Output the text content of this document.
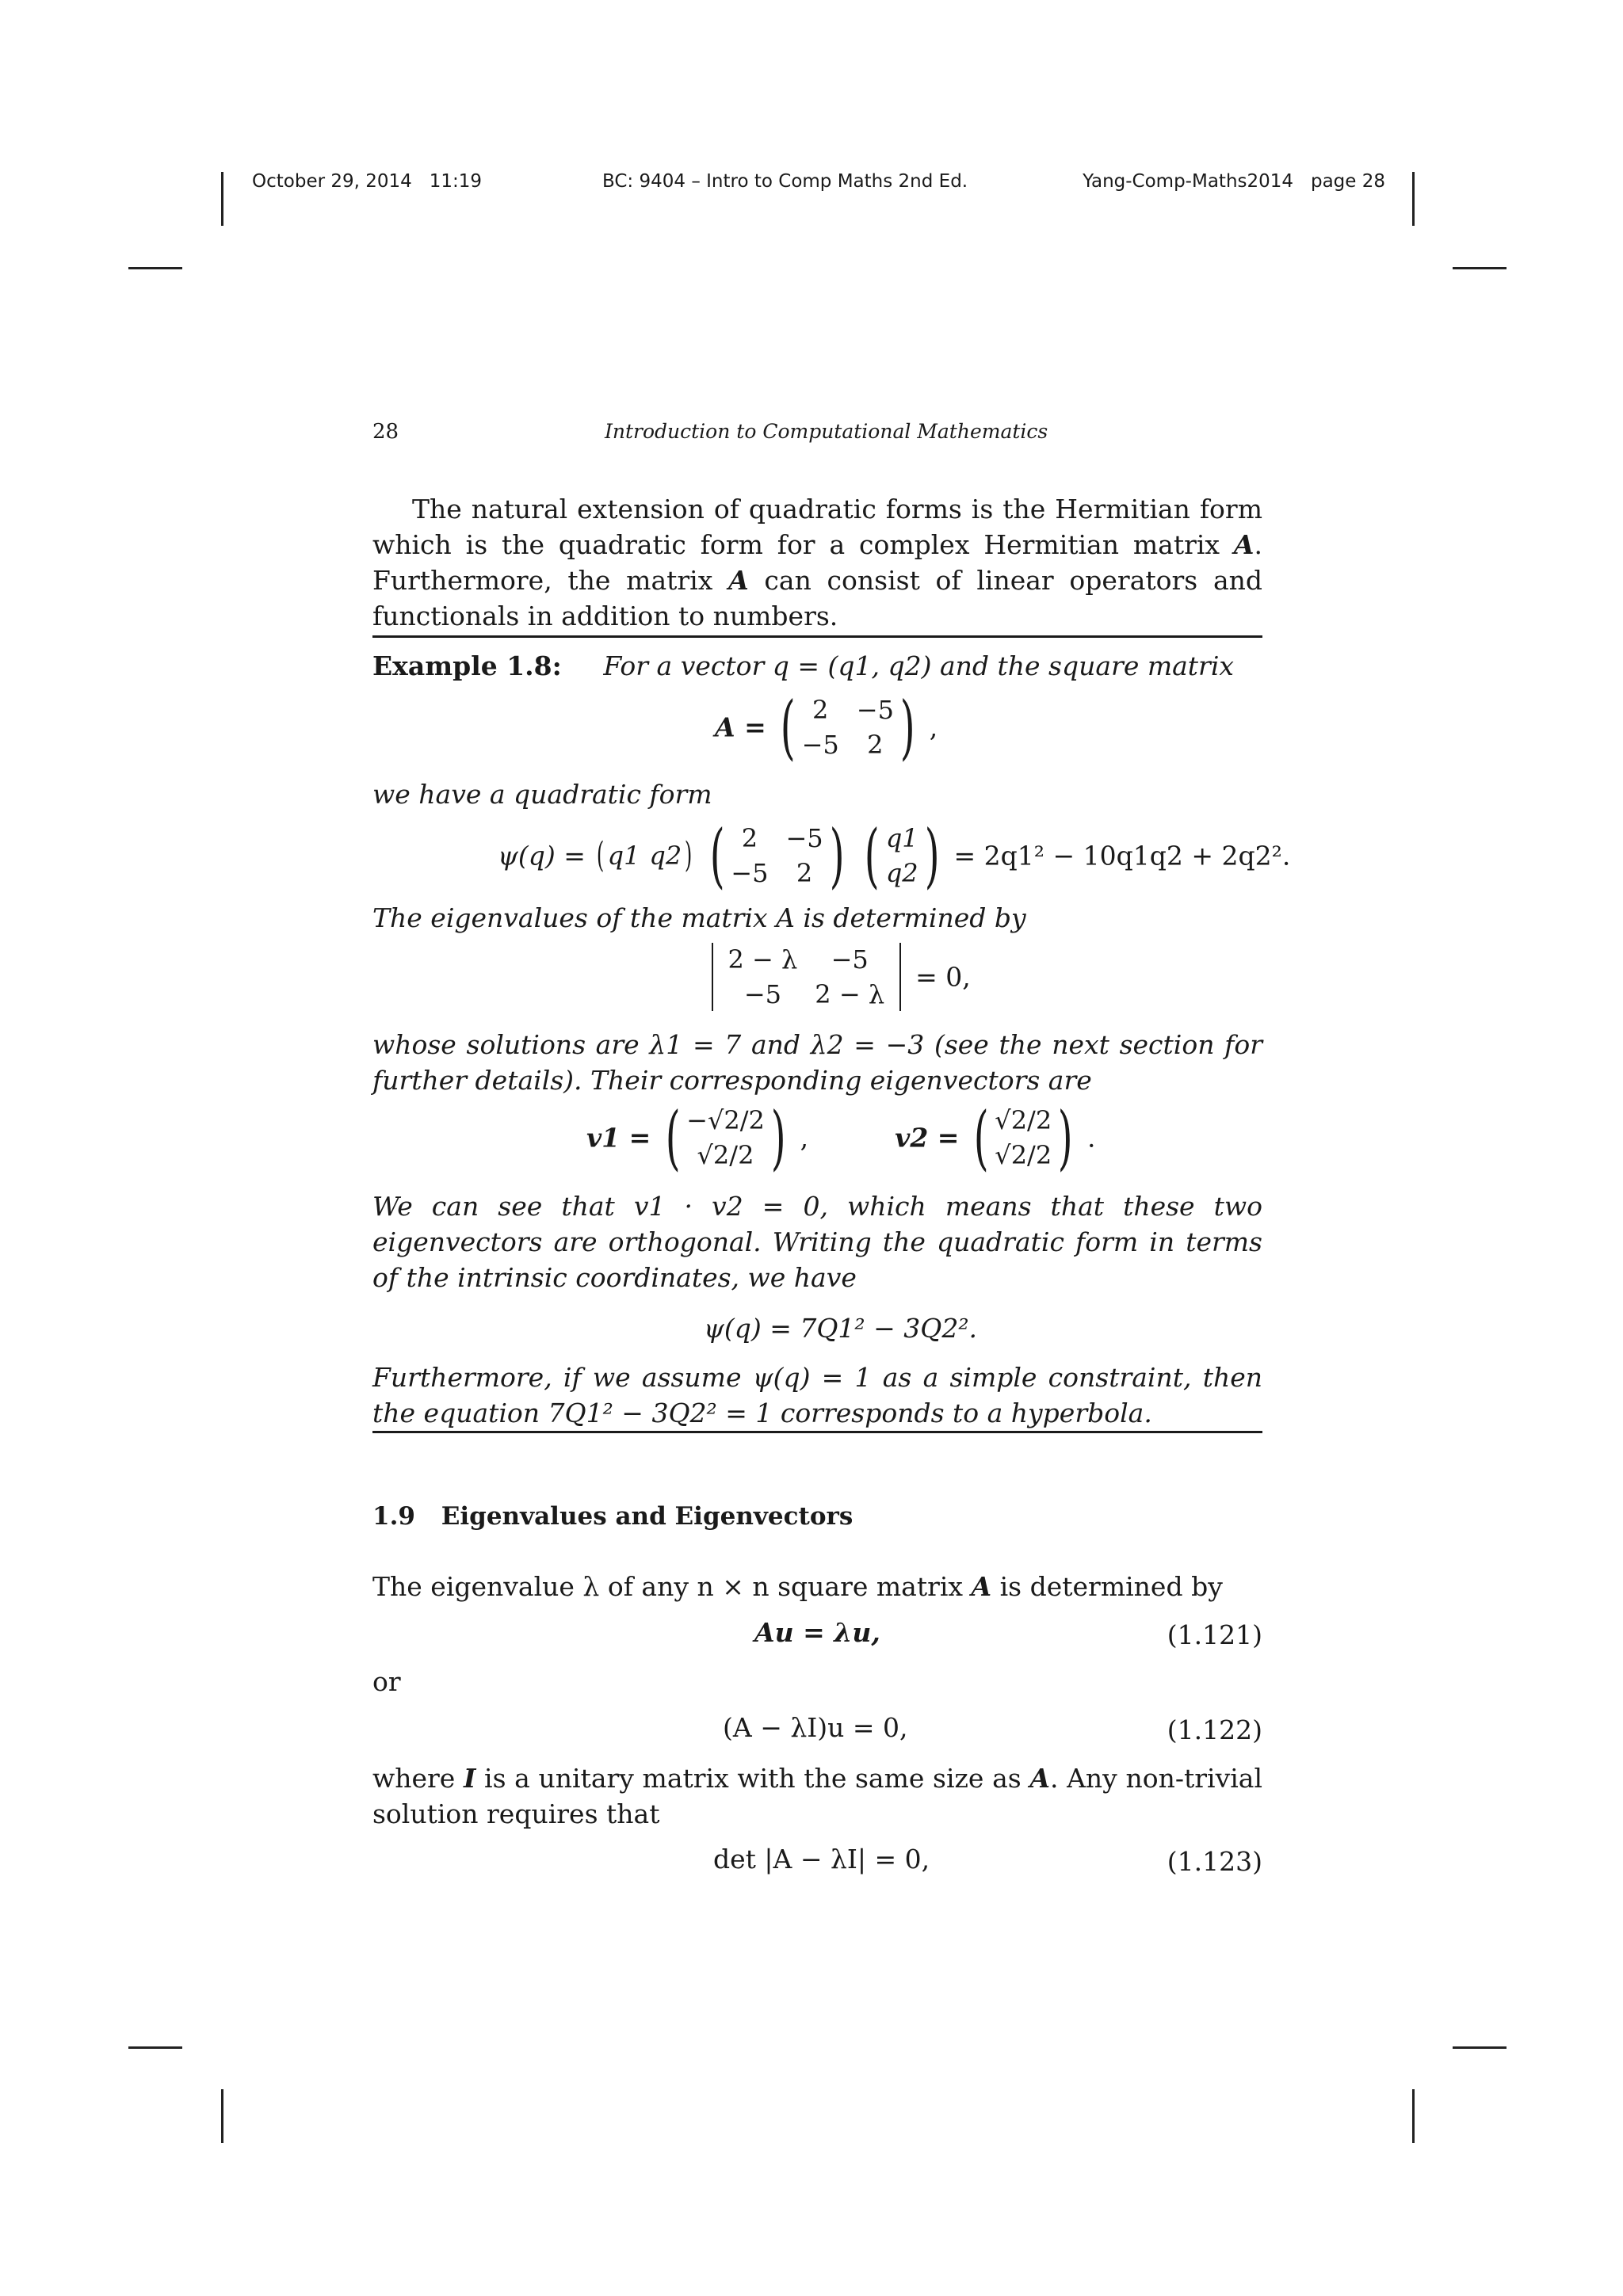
October 29, 2014 11:19	BC: 9404 – Intro to Comp Maths 2nd Ed.	Yang-Comp-Maths2014 page 28
28	Introduction to Computational Mathematics
The natural extension of quadratic forms is the Hermitian form which is the quadratic form for a complex Hermitian matrix A. Furthermore, the matrix A can consist of linear operators and functionals in addition to numbers.
Example 1.8: For a vector q = (q1, q2) and the square matrix
A = ( 2	−5
−5	2 ) ,
we have a quadratic form
ψ(q) = ( q1 q2 )
( 2	−5
−5	2 )
( q1
q2 ) = 2q1² − 10q1q2 + 2q2².
The eigenvalues of the matrix A is determined by

2 − λ	−5
−5	2 − λ
= 0,
whose solutions are λ1 = 7 and λ2 = −3 (see the next section for further details). Their corresponding eigenvectors are
v1 = ( −√2/2
√2/2 ) ,	v2 = ( √2/2
√2/2 ) .
We can see that v1 · v2 = 0, which means that these two eigenvectors are orthogonal. Writing the quadratic form in terms of the intrinsic coordinates, we have
ψ(q) = 7Q1² − 3Q2².
Furthermore, if we assume ψ(q) = 1 as a simple constraint, then the equation 7Q1² − 3Q2² = 1 corresponds to a hyperbola.
1.9 Eigenvalues and Eigenvectors
The eigenvalue λ of any n × n square matrix A is determined by
Au = λu,	(1.121)
or
(A − λI)u = 0,	(1.122)
where I is a unitary matrix with the same size as A. Any non-trivial solution requires that
det |A − λI| = 0,	(1.123)
